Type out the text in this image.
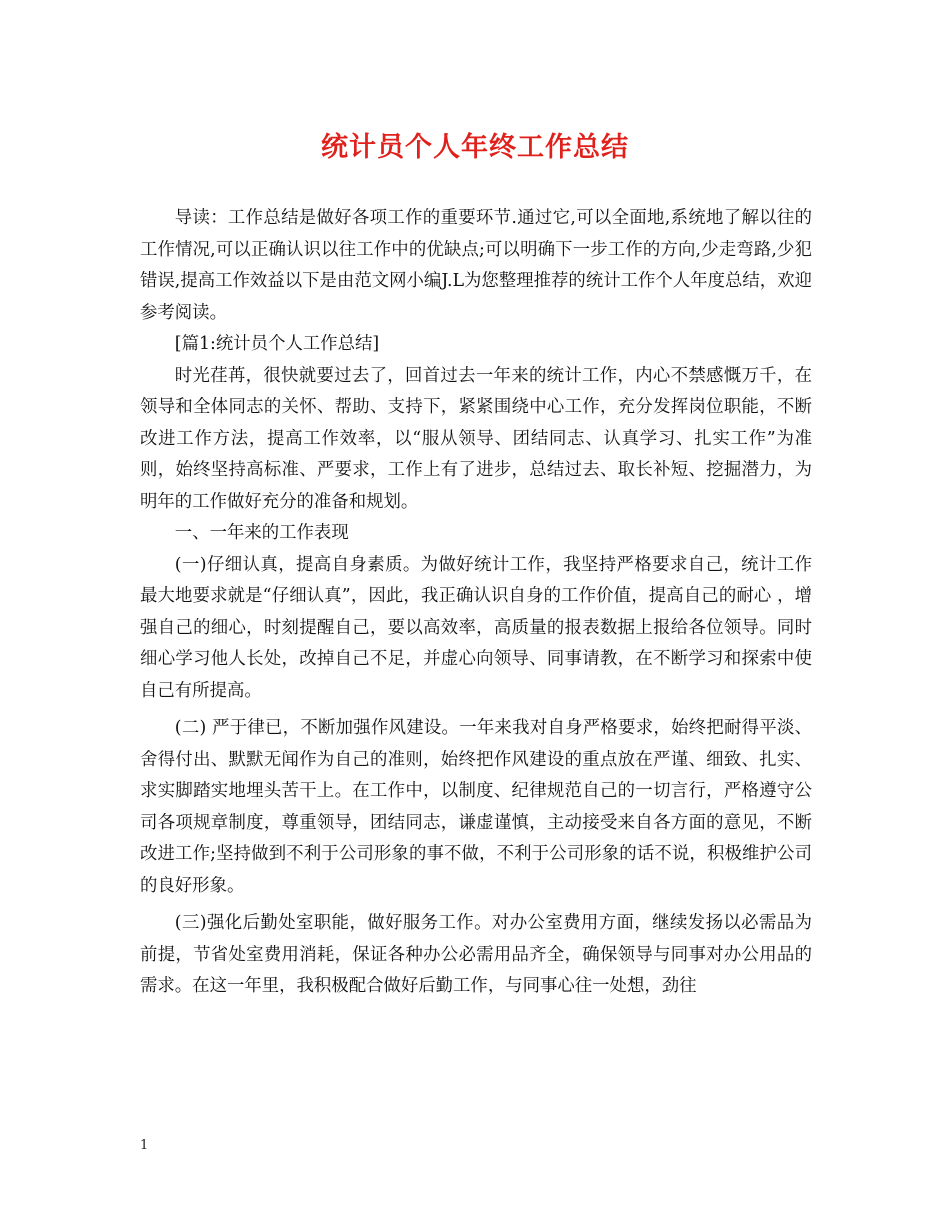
统计员个人年终工作总结

导读：工作总结是做好各项工作的重要环节.通过它,可以全面地,系统地了解以往的工作情况,可以正确认识以往工作中的优缺点;可以明确下一步工作的方向,少走弯路,少犯错误,提高工作效益以下是由范文网小编J.L为您整理推荐的统计工作个人年度总结，欢迎参考阅读。

[篇1:统计员个人工作总结]

时光荏苒，很快就要过去了，回首过去一年来的统计工作，内心不禁感慨万千，在领导和全体同志的关怀、帮助、支持下，紧紧围绕中心工作，充分发挥岗位职能，不断改进工作方法，提高工作效率，以“服从领导、团结同志、认真学习、扎实工作”为准则，始终坚持高标准、严要求，工作上有了进步，总结过去、取长补短、挖掘潜力，为明年的工作做好充分的准备和规划。

一、一年来的工作表现

(一)仔细认真，提高自身素质。为做好统计工作，我坚持严格要求自己，统计工作最大地要求就是“仔细认真”，因此，我正确认识自身的工作价值，提高自己的耐心 ，增强自己的细心，时刻提醒自己，要以高效率，高质量的报表数据上报给各位领导。同时细心学习他人长处，改掉自己不足，并虚心向领导、同事请教，在不断学习和探索中使自己有所提高。

(二) 严于律已，不断加强作风建设。一年来我对自身严格要求，始终把耐得平淡、舍得付出、默默无闻作为自己的准则，始终把作风建设的重点放在严谨、细致、扎实、求实脚踏实地埋头苦干上。在工作中，以制度、纪律规范自己的一切言行，严格遵守公司各项规章制度，尊重领导，团结同志，谦虚谨慎，主动接受来自各方面的意见，不断改进工作;坚持做到不利于公司形象的事不做，不利于公司形象的话不说，积极维护公司的良好形象。

(三)强化后勤处室职能，做好服务工作。对办公室费用方面，继续发扬以必需品为前提，节省处室费用消耗，保证各种办公必需用品齐全，确保领导与同事对办公用品的需求。在这一年里，我积极配合做好后勤工作，与同事心往一处想，劲往

1
